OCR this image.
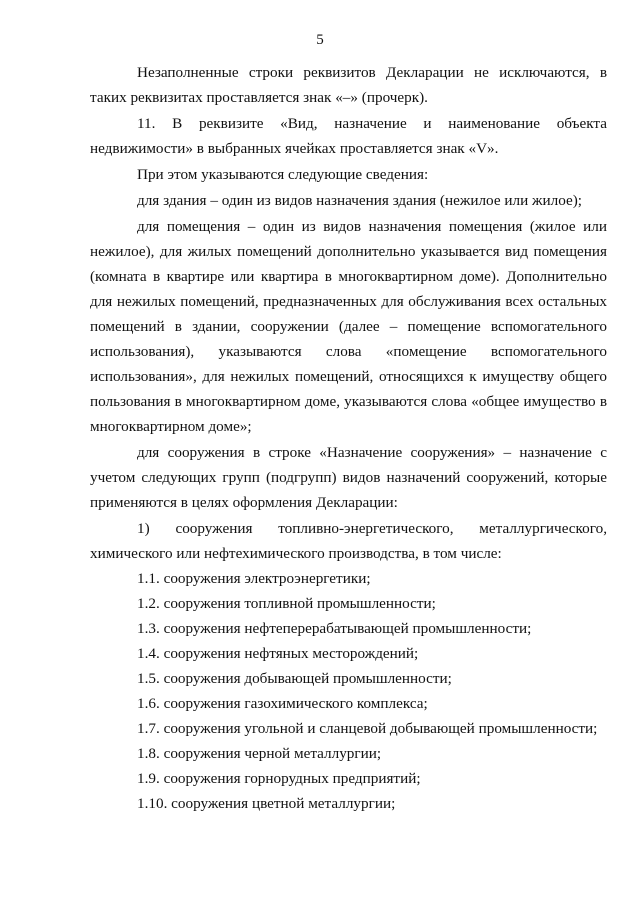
5

Незаполненные строки реквизитов Декларации не исключаются, в таких реквизитах проставляется знак «–» (прочерк).

11. В реквизите «Вид, назначение и наименование объекта недвижимости» в выбранных ячейках проставляется знак «V».

При этом указываются следующие сведения:

для здания – один из видов назначения здания (нежилое или жилое);

для помещения – один из видов назначения помещения (жилое или нежилое), для жилых помещений дополнительно указывается вид помещения (комната в квартире или квартира в многоквартирном доме). Дополнительно для нежилых помещений, предназначенных для обслуживания всех остальных помещений в здании, сооружении (далее – помещение вспомогательного использования), указываются слова «помещение вспомогательного использования», для нежилых помещений, относящихся к имуществу общего пользования в многоквартирном доме, указываются слова «общее имущество в многоквартирном доме»;

для сооружения в строке «Назначение сооружения» – назначение с учетом следующих групп (подгрупп) видов назначений сооружений, которые применяются в целях оформления Декларации:

1) сооружения топливно-энергетического, металлургического, химического или нефтехимического производства, в том числе:

1.1. сооружения электроэнергетики;

1.2. сооружения топливной промышленности;

1.3. сооружения нефтеперерабатывающей промышленности;

1.4. сооружения нефтяных месторождений;

1.5. сооружения добывающей промышленности;

1.6. сооружения газохимического комплекса;

1.7. сооружения угольной и сланцевой добывающей промышленности;

1.8. сооружения черной металлургии;

1.9. сооружения горнорудных предприятий;

1.10. сооружения цветной металлургии;
